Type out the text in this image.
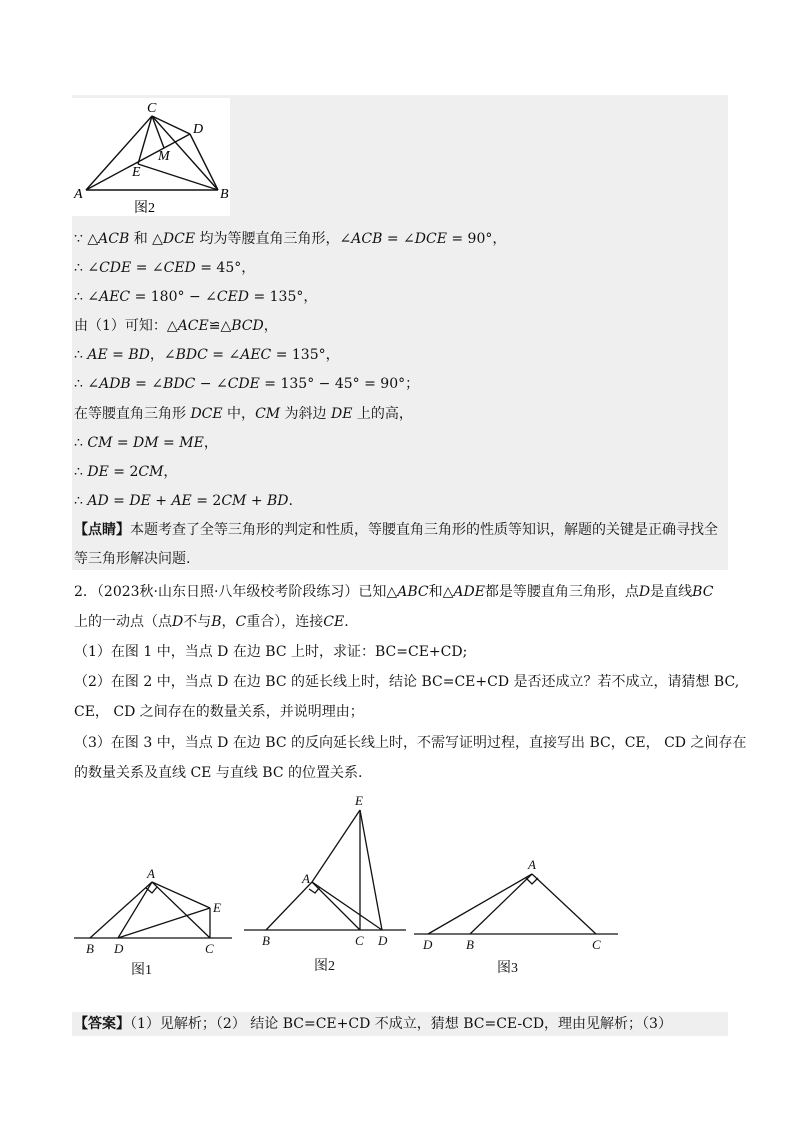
C
D
M
E
A	B
图2
∵ △ACB 和 △DCE 均为等腰直角三角形，∠ACB = ∠DCE = 90°，
∴ ∠CDE = ∠CED = 45°，
∴ ∠AEC = 180° − ∠CED = 135°，
由（1）可知：△ACE≌△BCD，
∴ AE = BD，∠BDC = ∠AEC = 135°，
∴ ∠ADB = ∠BDC − ∠CDE = 135° − 45° = 90°；
在等腰直角三角形 DCE 中，CM 为斜边 DE 上的高，
∴ CM = DM = ME，
∴ DE = 2CM，
∴ AD = DE + AE = 2CM + BD.
【点睛】本题考查了全等三角形的判定和性质，等腰直角三角形的性质等知识，解题的关键是正确寻找全
等三角形解决问题.
2．（2023秋·山东日照·八年级校考阶段练习）已知△ABC和△ADE都是等腰直角三角形，点D是直线BC
上的一动点（点D不与B，C重合），连接CE.
（1）在图 1 中，当点 D 在边 BC 上时，求证：BC=CE+CD;
（2）在图 2 中，当点 D 在边 BC 的延长线上时，结论 BC=CE+CD 是否还成立？若不成立，请猜想 BC,
CE， CD 之间存在的数量关系，并说明理由；
（3）在图 3 中，当点 D 在边 BC 的反向延长线上时，不需写证明过程，直接写出 BC，CE， CD 之间存在
的数量关系及直线 CE 与直线 BC 的位置关系.
A
E
B D	C
E
A
B	C D
A
D	B	C
图1	图2	图3
【答案】（1）见解析；（2） 结论 BC=CE+CD 不成立，猜想 BC=CE-CD，理由见解析；（3）
